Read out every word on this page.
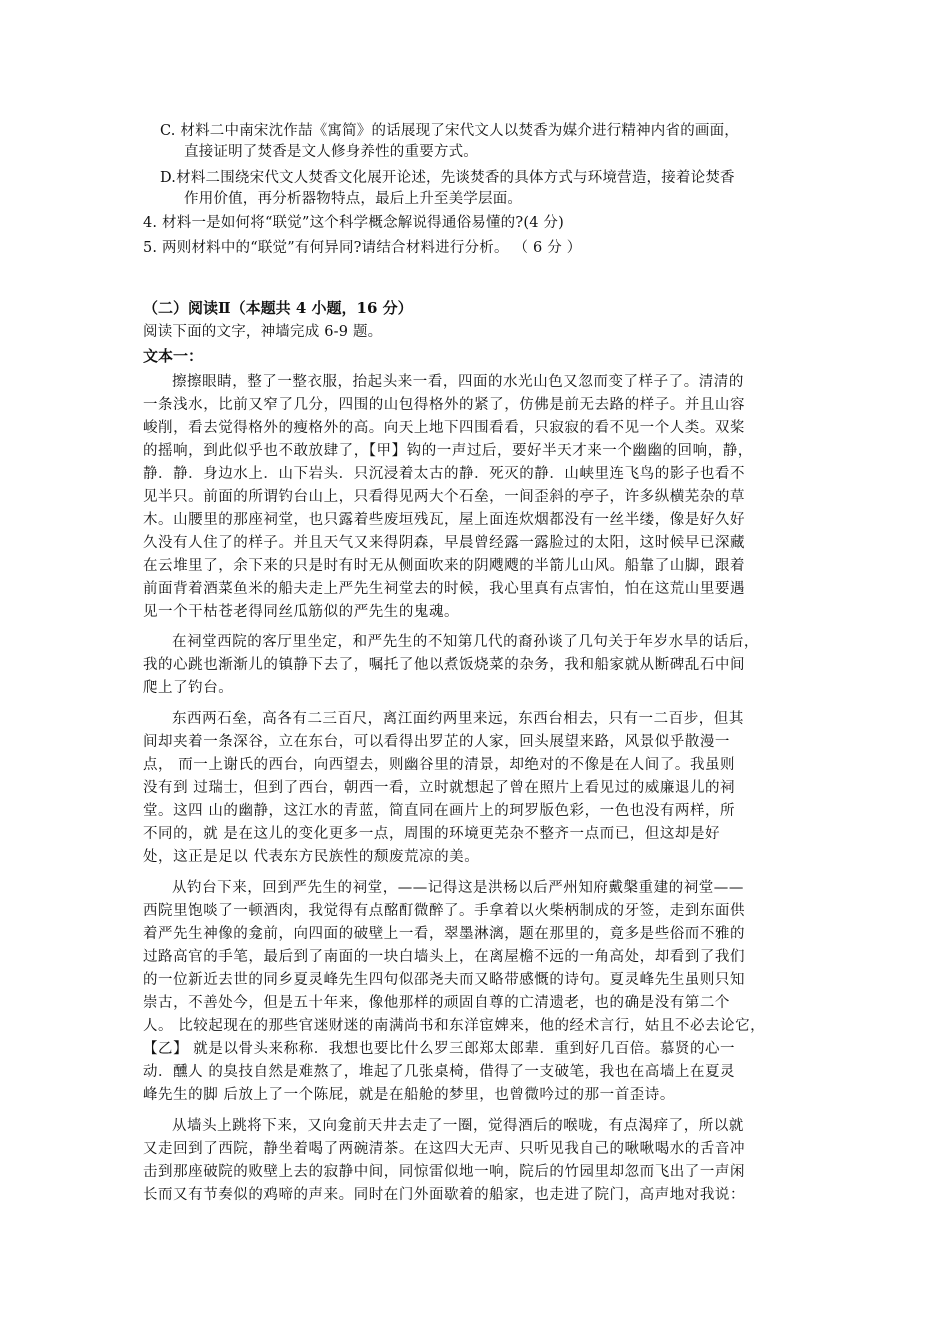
C. 材料二中南宋沈作喆《寓简》的话展现了宋代文人以焚香为媒介进行精神内省的画面，

直接证明了焚香是文人修身养性的重要方式。

D.材料二围绕宋代文人焚香文化展开论述，先谈焚香的具体方式与环境营造，接着论焚香

作用价值，再分析器物特点，最后上升至美学层面。

4. 材料一是如何将“联觉”这个科学概念解说得通俗易懂的?(4 分)

5. 两则材料中的“联觉”有何异同?请结合材料进行分析。 （ 6 分 ）

（二）阅读Ⅱ（本题共 4 小题，16 分）

阅读下面的文字，神墙完成 6-9 题。

文本一：

擦擦眼睛，整了一整衣服，抬起头来一看，四面的水光山色又忽而变了样子了。清清的

一条浅水，比前又窄了几分，四围的山包得格外的紧了，仿佛是前无去路的样子。并且山容

峻削，看去觉得格外的瘦格外的高。向天上地下四围看看，只寂寂的看不见一个人类。双桨

的摇响，到此似乎也不敢放肆了，【甲】钩的一声过后，要好半天才来一个幽幽的回响，静，

静．静．身边水上．山下岩头．只沉浸着太古的静．死灭的静．山峡里连飞鸟的影子也看不

见半只。前面的所谓钓台山上，只看得见两大个石垒，一间歪斜的亭子，许多纵横芜杂的草

木。山腰里的那座祠堂，也只露着些废垣残瓦，屋上面连炊烟都没有一丝半缕，像是好久好

久没有人住了的样子。并且天气又来得阴森，早晨曾经露一露脸过的太阳，这时候早已深藏

在云堆里了，余下来的只是时有时无从侧面吹来的阴飕飕的半箭儿山风。船靠了山脚，跟着

前面背着酒菜鱼米的船夫走上严先生祠堂去的时候，我心里真有点害怕，怕在这荒山里要遇

见一个干枯苍老得同丝瓜筋似的严先生的鬼魂。

在祠堂西院的客厅里坐定，和严先生的不知第几代的裔孙谈了几句关于年岁水旱的话后，

我的心跳也渐渐儿的镇静下去了，嘱托了他以煮饭烧菜的杂务，我和船家就从断碑乱石中间

爬上了钓台。

东西两石垒，高各有二三百尺，离江面约两里来远，东西台相去，只有一二百步，但其

间却夹着一条深谷，立在东台，可以看得出罗芷的人家，回头展望来路，风景似乎散漫一

点， 而一上谢氏的西台，向西望去，则幽谷里的清景，却绝对的不像是在人间了。我虽则

没有到 过瑞士，但到了西台，朝西一看，立时就想起了曾在照片上看见过的威廉退儿的祠

堂。这四 山的幽静，这江水的青蓝，简直同在画片上的珂罗版色彩，一色也没有两样，所

不同的，就 是在这儿的变化更多一点，周围的环境更芜杂不整齐一点而已，但这却是好

处，这正是足以 代表东方民族性的颓废荒凉的美。

从钓台下来，回到严先生的祠堂，——记得这是洪杨以后严州知府戴槃重建的祠堂——

西院里饱啖了一顿酒肉，我觉得有点酩酊微醉了。手拿着以火柴柄制成的牙签，走到东面供

着严先生神像的龛前，向四面的破壁上一看，翠墨淋漓，题在那里的，竟多是些俗而不雅的

过路高官的手笔，最后到了南面的一块白墙头上，在离屋檐不远的一角高处，却看到了我们

的一位新近去世的同乡夏灵峰先生四句似邵尧夫而又略带感慨的诗句。夏灵峰先生虽则只知

崇古，不善处今，但是五十年来，像他那样的顽固自尊的亡清遗老，也的确是没有第二个

人。 比较起现在的那些官迷财迷的南满尚书和东洋宦婢来，他的经术言行，姑且不必去论它，

【乙】 就是以骨头来称称．我想也要比什么罗三郎郑太郎辈．重到好几百倍。慕贤的心一

动．醺人 的臭技自然是难熬了，堆起了几张桌椅，借得了一支破笔，我也在高墙上在夏灵

峰先生的脚 后放上了一个陈屁，就是在船舱的梦里，也曾微吟过的那一首歪诗。

从墙头上跳将下来，又向龛前天井去走了一圈，觉得酒后的喉咙，有点渴痒了，所以就

又走回到了西院，静坐着喝了两碗清茶。在这四大无声、只听见我自己的啾啾喝水的舌音冲

击到那座破院的败壁上去的寂静中间，同惊雷似地一响，院后的竹园里却忽而飞出了一声闲

长而又有节奏似的鸡啼的声来。同时在门外面歇着的船家，也走进了院门，高声地对我说：
